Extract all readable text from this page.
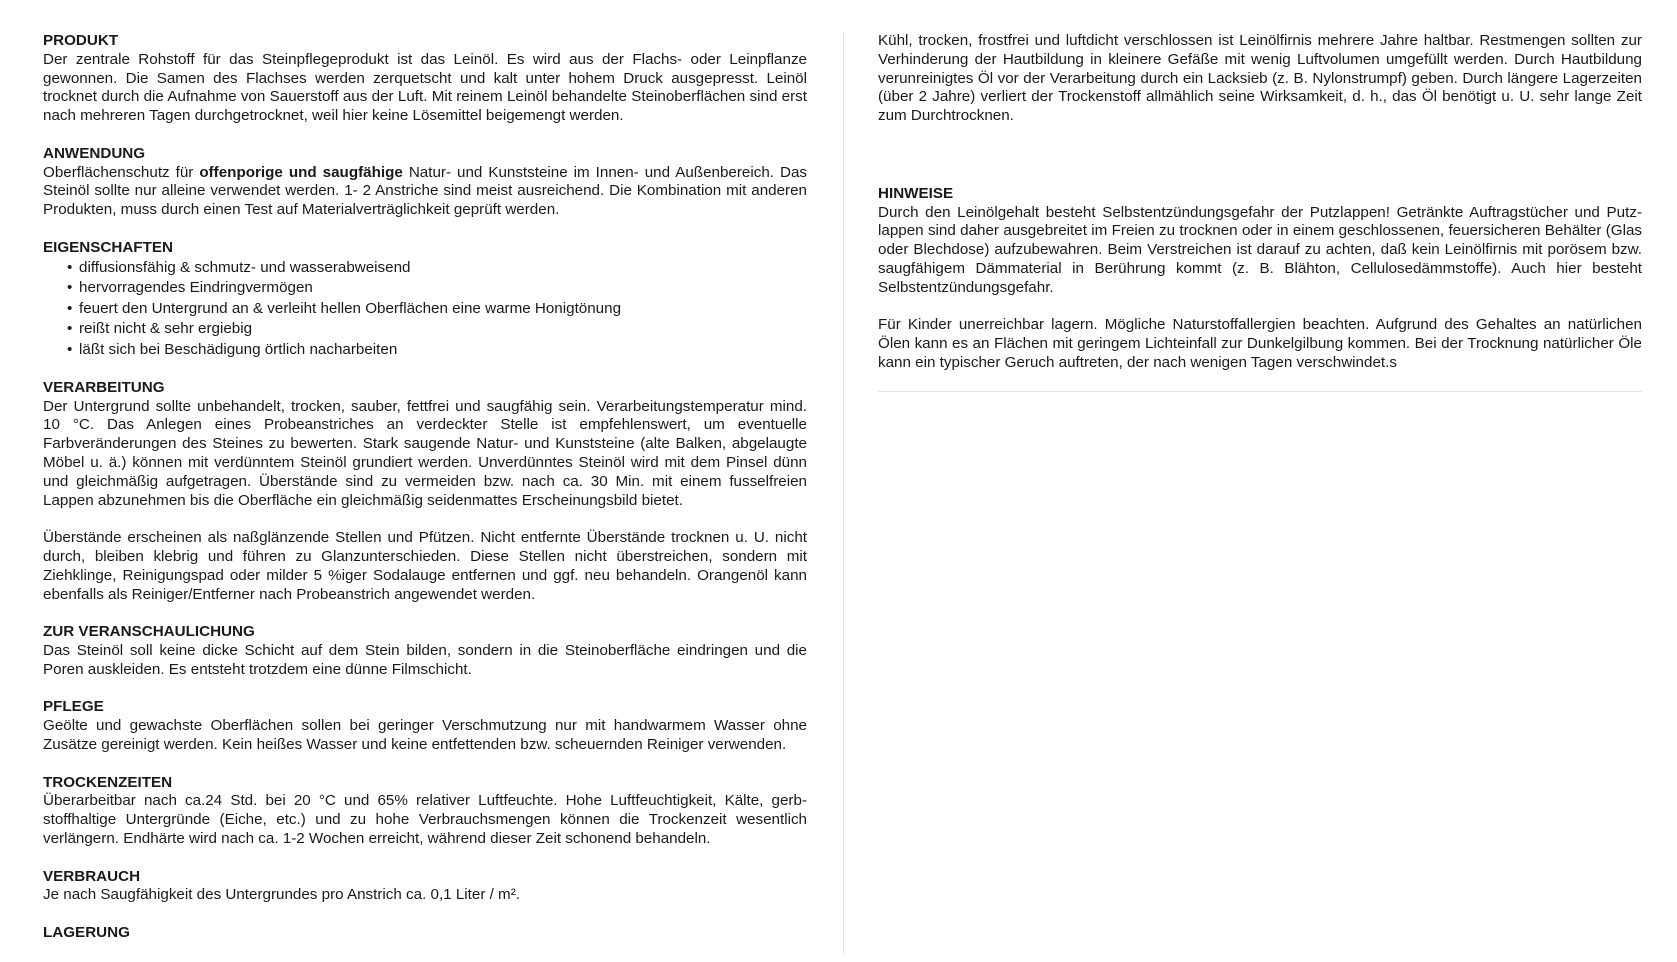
PRODUKT

Der zentrale Rohstoff für das Steinpflegeprodukt ist das Leinöl. Es wird aus der Flachs- oder Leinpflanze gewonnen. Die Samen des Flachses werden zerquetscht und kalt unter hohem Druck ausgepresst. Leinöl trocknet durch die Aufnahme von Sauerstoff aus der Luft. Mit reinem Leinöl behandelte Steinoberflächen sind erst nach mehreren Tagen durchgetrocknet, weil hier keine Lösemittel beigemengt werden.

ANWENDUNG

Oberflächenschutz für offenporige und saugfähige Natur- und Kunststeine im Innen- und Außenbereich. Das Steinöl sollte nur alleine verwendet werden. 1- 2 Anstriche sind meist ausreichend. Die Kombination mit anderen Produkten, muss durch einen Test auf Materialverträglichkeit geprüft werden.

EIGENSCHAFTEN
• diffusionsfähig & schmutz- und wasserabweisend
• hervorragendes Eindringvermögen
• feuert den Untergrund an & verleiht hellen Oberflächen eine warme Honigtönung
• reißt nicht & sehr ergiebig
• läßt sich bei Beschädigung örtlich nacharbeiten
VERARBEITUNG

Der Untergrund sollte unbehandelt, trocken, sauber, fettfrei und saugfähig sein. Verarbeitungstemperatur mind. 10 °C. Das Anlegen eines Probeanstriches an verdeckter Stelle ist empfehlenswert, um eventuelle Farbveränderungen des Steines zu bewerten. Stark saugende Natur- und Kunststeine (alte Balken, abgelaugte Möbel u. ä.) können mit verdünntem Steinöl grundiert werden. Unverdünntes Steinöl wird mit dem Pinsel dünn und gleichmäßig aufgetragen. Überstände sind zu vermeiden bzw. nach ca. 30 Min. mit einem fusselfreien Lappen abzunehmen bis die Oberfläche ein gleichmäßig seidenmattes Erscheinungsbild bietet.

Überstände erscheinen als naßglänzende Stellen und Pfützen. Nicht entfernte Überstände trocknen u. U. nicht durch, bleiben klebrig und führen zu Glanzunterschieden. Diese Stellen nicht überstreichen, sondern mit Ziehklinge, Reinigungspad oder milder 5 %iger Sodalauge entfernen und ggf. neu behandeln. Orangenöl kann ebenfalls als Reiniger/Entferner nach Probeanstrich angewendet werden.

ZUR VERANSCHAULICHUNG

Das Steinöl soll keine dicke Schicht auf dem Stein bilden, sondern in die Steinoberfläche eindringen und die Poren auskleiden. Es entsteht trotzdem eine dünne Filmschicht.

PFLEGE

Geölte und gewachste Oberflächen sollen bei geringer Verschmutzung nur mit handwarmem Wasser ohne Zusätze gereinigt werden. Kein heißes Wasser und keine entfettenden bzw. scheuernden Reiniger verwenden.

TROCKENZEITEN

Überarbeitbar nach ca.24 Std. bei 20 °C und 65% relativer Luftfeuchte. Hohe Luftfeuchtigkeit, Kälte, gerbstoffhaltige Untergründe (Eiche, etc.) und zu hohe Verbrauchsmengen können die Trockenzeit wesentlich verlängern. Endhärte wird nach ca. 1-2 Wochen erreicht, während dieser Zeit schonend behandeln.

VERBRAUCH

Je nach Saugfähigkeit des Untergrundes pro Anstrich ca. 0,1 Liter / m².

LAGERUNG

Kühl, trocken, frostfrei und luftdicht verschlossen ist Leinölfirnis mehrere Jahre haltbar. Restmengen sollten zur Verhinderung der Hautbildung in kleinere Gefäße mit wenig Luftvolumen umgefüllt werden. Durch Hautbildung verunreinigtes Öl vor der Verarbeitung durch ein Lacksieb (z. B. Nylonstrumpf) geben. Durch längere Lagerzeiten (über 2 Jahre) verliert der Trockenstoff allmählich seine Wirksamkeit, d. h., das Öl benötigt u. U. sehr lange Zeit zum Durchtrocknen.

HINWEISE

Durch den Leinölgehalt besteht Selbstentzündungsgefahr der Putzlappen! Getränkte Auftragstücher und Putzlappen sind daher ausgebreitet im Freien zu trocknen oder in einem geschlossenen, feuersicheren Behälter (Glas oder Blechdose) aufzubewahren. Beim Verstreichen ist darauf zu achten, daß kein Leinölfirnis mit porösem bzw. saugfähigem Dämmaterial in Berührung kommt (z. B. Blähton, Cellulosedämmstoffe). Auch hier besteht Selbstentzündungsgefahr.

Für Kinder unerreichbar lagern. Mögliche Naturstoffallergien beachten. Aufgrund des Gehaltes an natürlichen Ölen kann es an Flächen mit geringem Lichteinfall zur Dunkelgilbung kommen. Bei der Trocknung natürlicher Öle kann ein typischer Geruch auftreten, der nach wenigen Tagen verschwindet.s
